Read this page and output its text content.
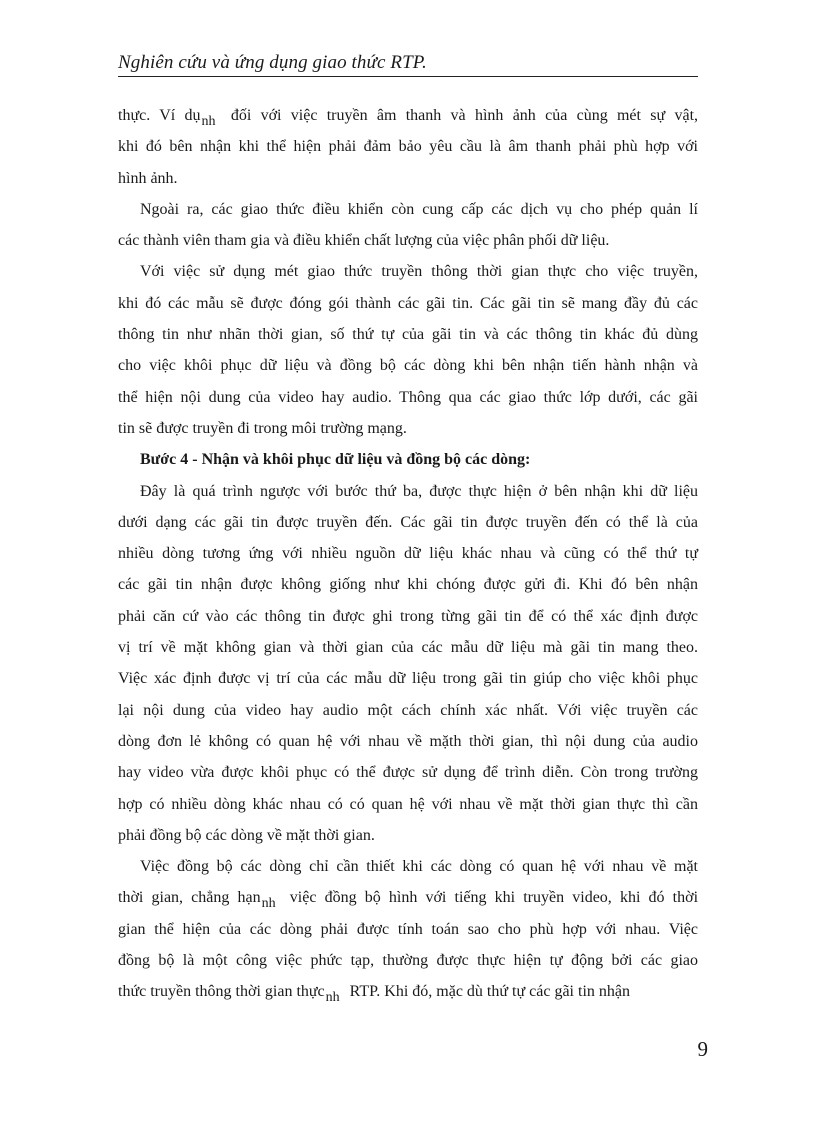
Nghiên cứu và ứng dụng giao thức RTP.
thực. Ví dụnh đối với việc truyền âm thanh và hình ảnh của cùng mét sự vật,
khi đó bên nhận khi thể hiện phải đảm bảo yêu cầu là âm thanh phải phù hợp với
hình ảnh.
Ngoài ra, các giao thức điều khiển còn cung cấp các dịch vụ cho phép quản lí
các thành viên tham gia và điều khiển chất lượng của việc phân phối dữ liệu.
Với việc sử dụng mét giao thức truyền thông thời gian thực cho việc truyền,
khi đó các mẫu sẽ được đóng gói thành các gãi tin. Các gãi tin sẽ mang đầy đủ các
thông tin như nhãn thời gian, số thứ tự của gãi tin và các thông tin khác đủ dùng
cho việc khôi phục dữ liệu và đồng bộ các dòng khi bên nhận tiến hành nhận và
thể hiện nội dung của video hay audio. Thông qua các giao thức lớp dưới, các gãi
tin sẽ được truyền đi trong môi trường mạng.
Bước 4 - Nhận và khôi phục dữ liệu và đồng bộ các dòng:
Đây là quá trình ngược với bước thứ ba, được thực hiện ở bên nhận khi dữ liệu
dưới dạng các gãi tin được truyền đến. Các gãi tin được truyền đến có thể là của
nhiều dòng tương ứng với nhiều nguồn dữ liệu khác nhau và cũng có thể thứ tự
các gãi tin nhận được không giống như khi chóng được gửi đi. Khi đó bên nhận
phải căn cứ vào các thông tin được ghi trong từng gãi tin để có thể xác định được
vị trí về mặt không gian và thời gian của các mẫu dữ liệu mà gãi tin mang theo.
Việc xác định được vị trí của các mẫu dữ liệu trong gãi tin giúp cho việc khôi phục
lại nội dung của video hay audio một cách chính xác nhất. Với việc truyền các
dòng đơn lẻ không có quan hệ với nhau về mặth thời gian, thì nội dung của audio
hay video vừa được khôi phục có thể được sử dụng để trình diễn. Còn trong trường
hợp có nhiều dòng khác nhau có có quan hệ với nhau về mặt thời gian thực thì cần
phải đồng bộ các dòng về mặt thời gian.
Việc đồng bộ các dòng chỉ cần thiết khi các dòng có quan hệ với nhau về mặt
thời gian, chẳng hạnnh việc đồng bộ hình với tiếng khi truyền video, khi đó thời
gian thể hiện của các dòng phải được tính toán sao cho phù hợp với nhau. Việc
đồng bộ là một công việc phức tạp, thường được thực hiện tự động bởi các giao
thức truyền thông thời gian thựcnh RTP. Khi đó, mặc dù thứ tự các gãi tin nhận
9
